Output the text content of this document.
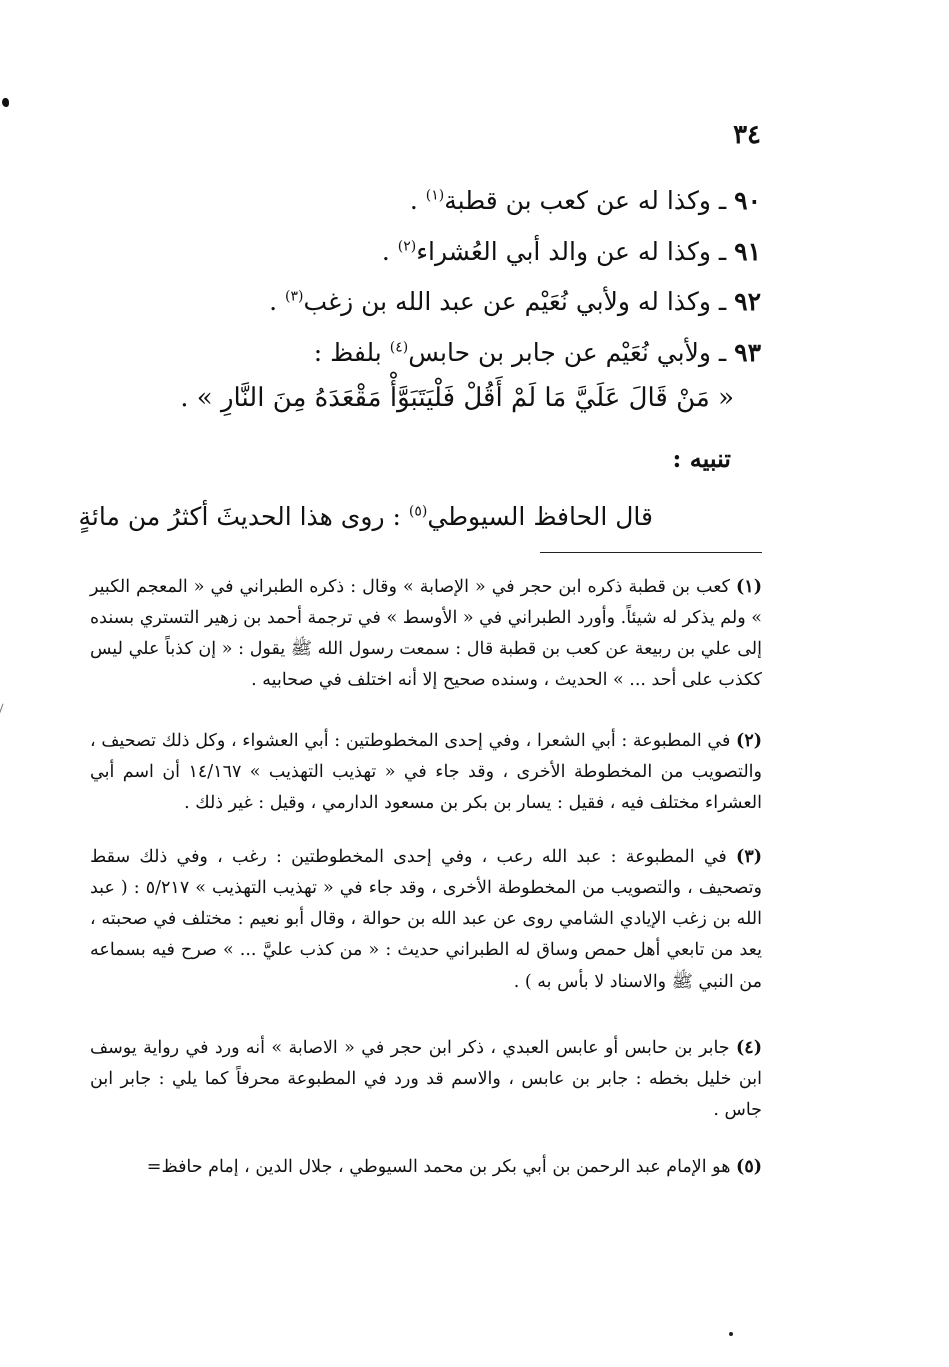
٣٤
٩٠ ـ وكذا له عن كعب بن قطبة$^{(١)}$ .
٩١ ـ وكذا له عن والد أبي العُشراء$^{(٢)}$ .
٩٢ ـ وكذا له ولأبي نُعَيْم عن عبد الله بن زغب$^{(٣)}$ .
٩٣ ـ ولأبي نُعَيْم عن جابر بن حابس$^{(٤)}$ بلفظ :
« مَنْ قَالَ عَلَيَّ مَا لَمْ أَقُلْ فَلْيَتَبَوَّأْ مَقْعَدَهُ مِنَ النَّارِ » .
تنبيه :
قال الحافظ السيوطي$^{(٥)}$ : روى هذا الحديثَ أكثرُ من مائةٍ
(١) كعب بن قطبة ذكره ابن حجر في « الإصابة » وقال : ذكره الطبراني في « المعجم الكبير » ولم يذكر له شيئاً. وأورد الطبراني في « الأوسط » في ترجمة أحمد بن زهير التستري بسنده إلى علي بن ربيعة عن كعب بن قطبة قال : سمعت رسول الله ﷺ يقول : « إن كذباً علي ليس ككذب على أحد ... » الحديث ، وسنده صحيح إلا أنه اختلف في صحابيه .
(٢) في المطبوعة : أبي الشعرا ، وفي إحدى المخطوطتين : أبي العشواء ، وكل ذلك تصحيف ، والتصويب من المخطوطة الأخرى ، وقد جاء في « تهذيب التهذيب » ١٤/١٦٧ أن اسم أبي العشراء مختلف فيه ، فقيل : يسار بن بكر بن مسعود الدارمي ، وقيل : غير ذلك .
(٣) في المطبوعة : عبد الله رعب ، وفي إحدى المخطوطتين : رغب ، وفي ذلك سقط وتصحيف ، والتصويب من المخطوطة الأخرى ، وقد جاء في « تهذيب التهذيب » ٥/٢١٧ : ( عبد الله بن زغب الإيادي الشامي روى عن عبد الله بن حوالة ، وقال أبو نعيم : مختلف في صحبته ، يعد من تابعي أهل حمص وساق له الطبراني حديث : « من كذب عليَّ ... » صرح فيه بسماعه من النبي ﷺ والاسناد لا بأس به ) .
(٤) جابر بن حابس أو عابس العبدي ، ذكر ابن حجر في « الاصابة » أنه ورد في رواية يوسف ابن خليل بخطه : جابر بن عابس ، والاسم قد ورد في المطبوعة محرفاً كما يلي : جابر ابن جاس .
(٥) هو الإمام عبد الرحمن بن أبي بكر بن محمد السيوطي ، جلال الدين ، إمام حافظ=
